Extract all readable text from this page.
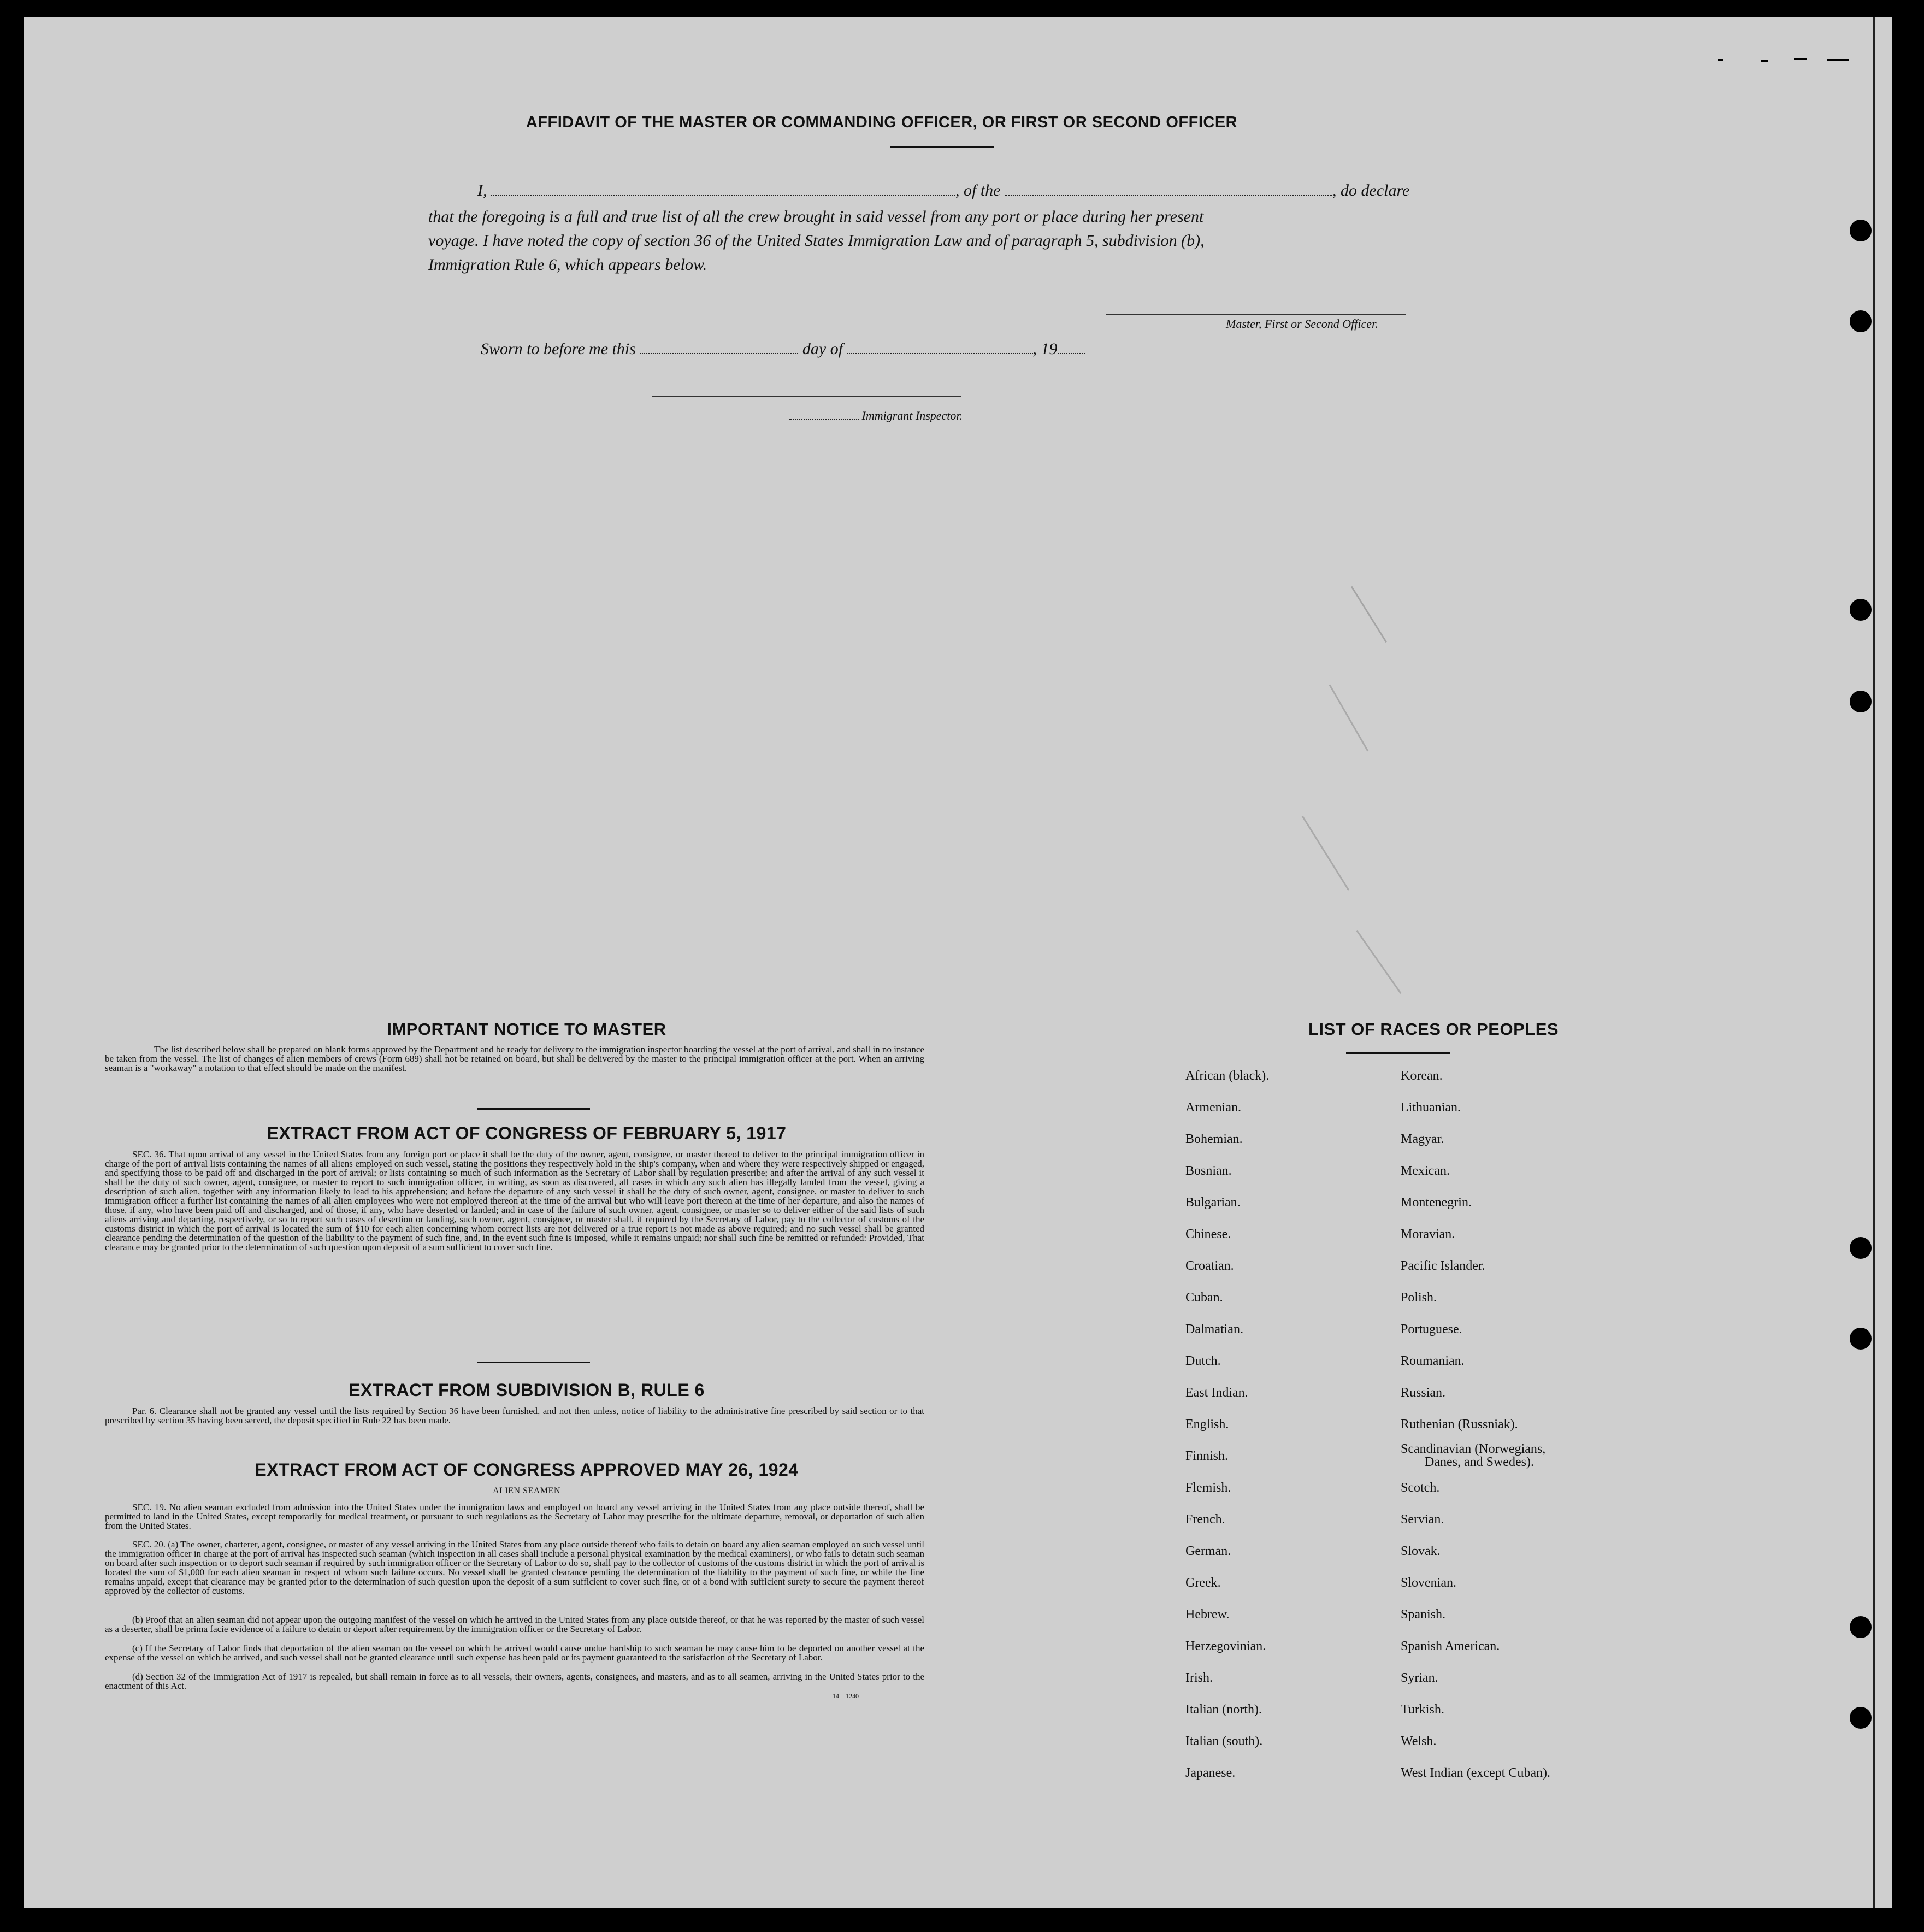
AFFIDAVIT OF THE MASTER OR COMMANDING OFFICER, OR FIRST OR SECOND OFFICER
I,	, of the	, do declare
that the foregoing is a full and true list of all the crew brought in said vessel from any port or place during her present
voyage. I have noted the copy of section 36 of the United States Immigration Law and of paragraph 5, subdivision (b),
Immigration Rule 6, which appears below.
Master, First or Second Officer.
Sworn to before me this	day of	, 19
Immigrant Inspector.
IMPORTANT NOTICE TO MASTER
The list described below shall be prepared on blank forms approved by the Department and be ready for delivery to the immigration inspector boarding the vessel at the port of arrival, and shall in no instance be taken from the vessel. The list of changes of alien members of crews (Form 689) shall not be retained on board, but shall be delivered by the master to the principal immigration officer at the port. When an arriving seaman is a "workaway" a notation to that effect should be made on the manifest.
EXTRACT FROM ACT OF CONGRESS OF FEBRUARY 5, 1917
SEC. 36. That upon arrival of any vessel in the United States from any foreign port or place it shall be the duty of the owner, agent, consignee, or master thereof to deliver to the principal immigration officer in charge of the port of arrival lists containing the names of all aliens employed on such vessel, stating the positions they respectively hold in the ship's company, when and where they were respectively shipped or engaged, and specifying those to be paid off and discharged in the port of arrival; or lists containing so much of such information as the Secretary of Labor shall by regulation prescribe; and after the arrival of any such vessel it shall be the duty of such owner, agent, consignee, or master to report to such immigration officer, in writing, as soon as discovered, all cases in which any such alien has illegally landed from the vessel, giving a description of such alien, together with any information likely to lead to his apprehension; and before the departure of any such vessel it shall be the duty of such owner, agent, consignee, or master to deliver to such immigration officer a further list containing the names of all alien employees who were not employed thereon at the time of the arrival but who will leave port thereon at the time of her departure, and also the names of those, if any, who have been paid off and discharged, and of those, if any, who have deserted or landed; and in case of the failure of such owner, agent, consignee, or master so to deliver either of the said lists of such aliens arriving and departing, respectively, or so to report such cases of desertion or landing, such owner, agent, consignee, or master shall, if required by the Secretary of Labor, pay to the collector of customs of the customs district in which the port of arrival is located the sum of $10 for each alien concerning whom correct lists are not delivered or a true report is not made as above required; and no such vessel shall be granted clearance pending the determination of the question of the liability to the payment of such fine, and, in the event such fine is imposed, while it remains unpaid; nor shall such fine be remitted or refunded: Provided, That clearance may be granted prior to the determination of such question upon deposit of a sum sufficient to cover such fine.
EXTRACT FROM SUBDIVISION B, RULE 6
Par. 6. Clearance shall not be granted any vessel until the lists required by Section 36 have been furnished, and not then unless, notice of liability to the administrative fine prescribed by said section or to that prescribed by section 35 having been served, the deposit specified in Rule 22 has been made.
EXTRACT FROM ACT OF CONGRESS APPROVED MAY 26, 1924
ALIEN SEAMEN
SEC. 19. No alien seaman excluded from admission into the United States under the immigration laws and employed on board any vessel arriving in the United States from any place outside thereof, shall be permitted to land in the United States, except temporarily for medical treatment, or pursuant to such regulations as the Secretary of Labor may prescribe for the ultimate departure, removal, or deportation of such alien from the United States.
SEC. 20. (a) The owner, charterer, agent, consignee, or master of any vessel arriving in the United States from any place outside thereof who fails to detain on board any alien seaman employed on such vessel until the immigration officer in charge at the port of arrival has inspected such seaman (which inspection in all cases shall include a personal physical examination by the medical examiners), or who fails to detain such seaman on board after such inspection or to deport such seaman if required by such immigration officer or the Secretary of Labor to do so, shall pay to the collector of customs of the customs district in which the port of arrival is located the sum of $1,000 for each alien seaman in respect of whom such failure occurs. No vessel shall be granted clearance pending the determination of the liability to the payment of such fine, or while the fine remains unpaid, except that clearance may be granted prior to the determination of such question upon the deposit of a sum sufficient to cover such fine, or of a bond with sufficient surety to secure the payment thereof approved by the collector of customs.
(b) Proof that an alien seaman did not appear upon the outgoing manifest of the vessel on which he arrived in the United States from any place outside thereof, or that he was reported by the master of such vessel as a deserter, shall be prima facie evidence of a failure to detain or deport after requirement by the immigration officer or the Secretary of Labor.
(c) If the Secretary of Labor finds that deportation of the alien seaman on the vessel on which he arrived would cause undue hardship to such seaman he may cause him to be deported on another vessel at the expense of the vessel on which he arrived, and such vessel shall not be granted clearance until such expense has been paid or its payment guaranteed to the satisfaction of the Secretary of Labor.
(d) Section 32 of the Immigration Act of 1917 is repealed, but shall remain in force as to all vessels, their owners, agents, consignees, and masters, and as to all seamen, arriving in the United States prior to the enactment of this Act.
14—1240
LIST OF RACES OR PEOPLES
African (black).
Armenian.
Bohemian.
Bosnian.
Bulgarian.
Chinese.
Croatian.
Cuban.
Dalmatian.
Dutch.
East Indian.
English.
Finnish.
Flemish.
French.
German.
Greek.
Hebrew.
Herzegovinian.
Irish.
Italian (north).
Italian (south).
Japanese.
Korean.
Lithuanian.
Magyar.
Mexican.
Montenegrin.
Moravian.
Pacific Islander.
Polish.
Portuguese.
Roumanian.
Russian.
Ruthenian (Russniak).
Scandinavian (Norwegians,
Danes, and Swedes).
Scotch.
Servian.
Slovak.
Slovenian.
Spanish.
Spanish American.
Syrian.
Turkish.
Welsh.
West Indian (except Cuban).
